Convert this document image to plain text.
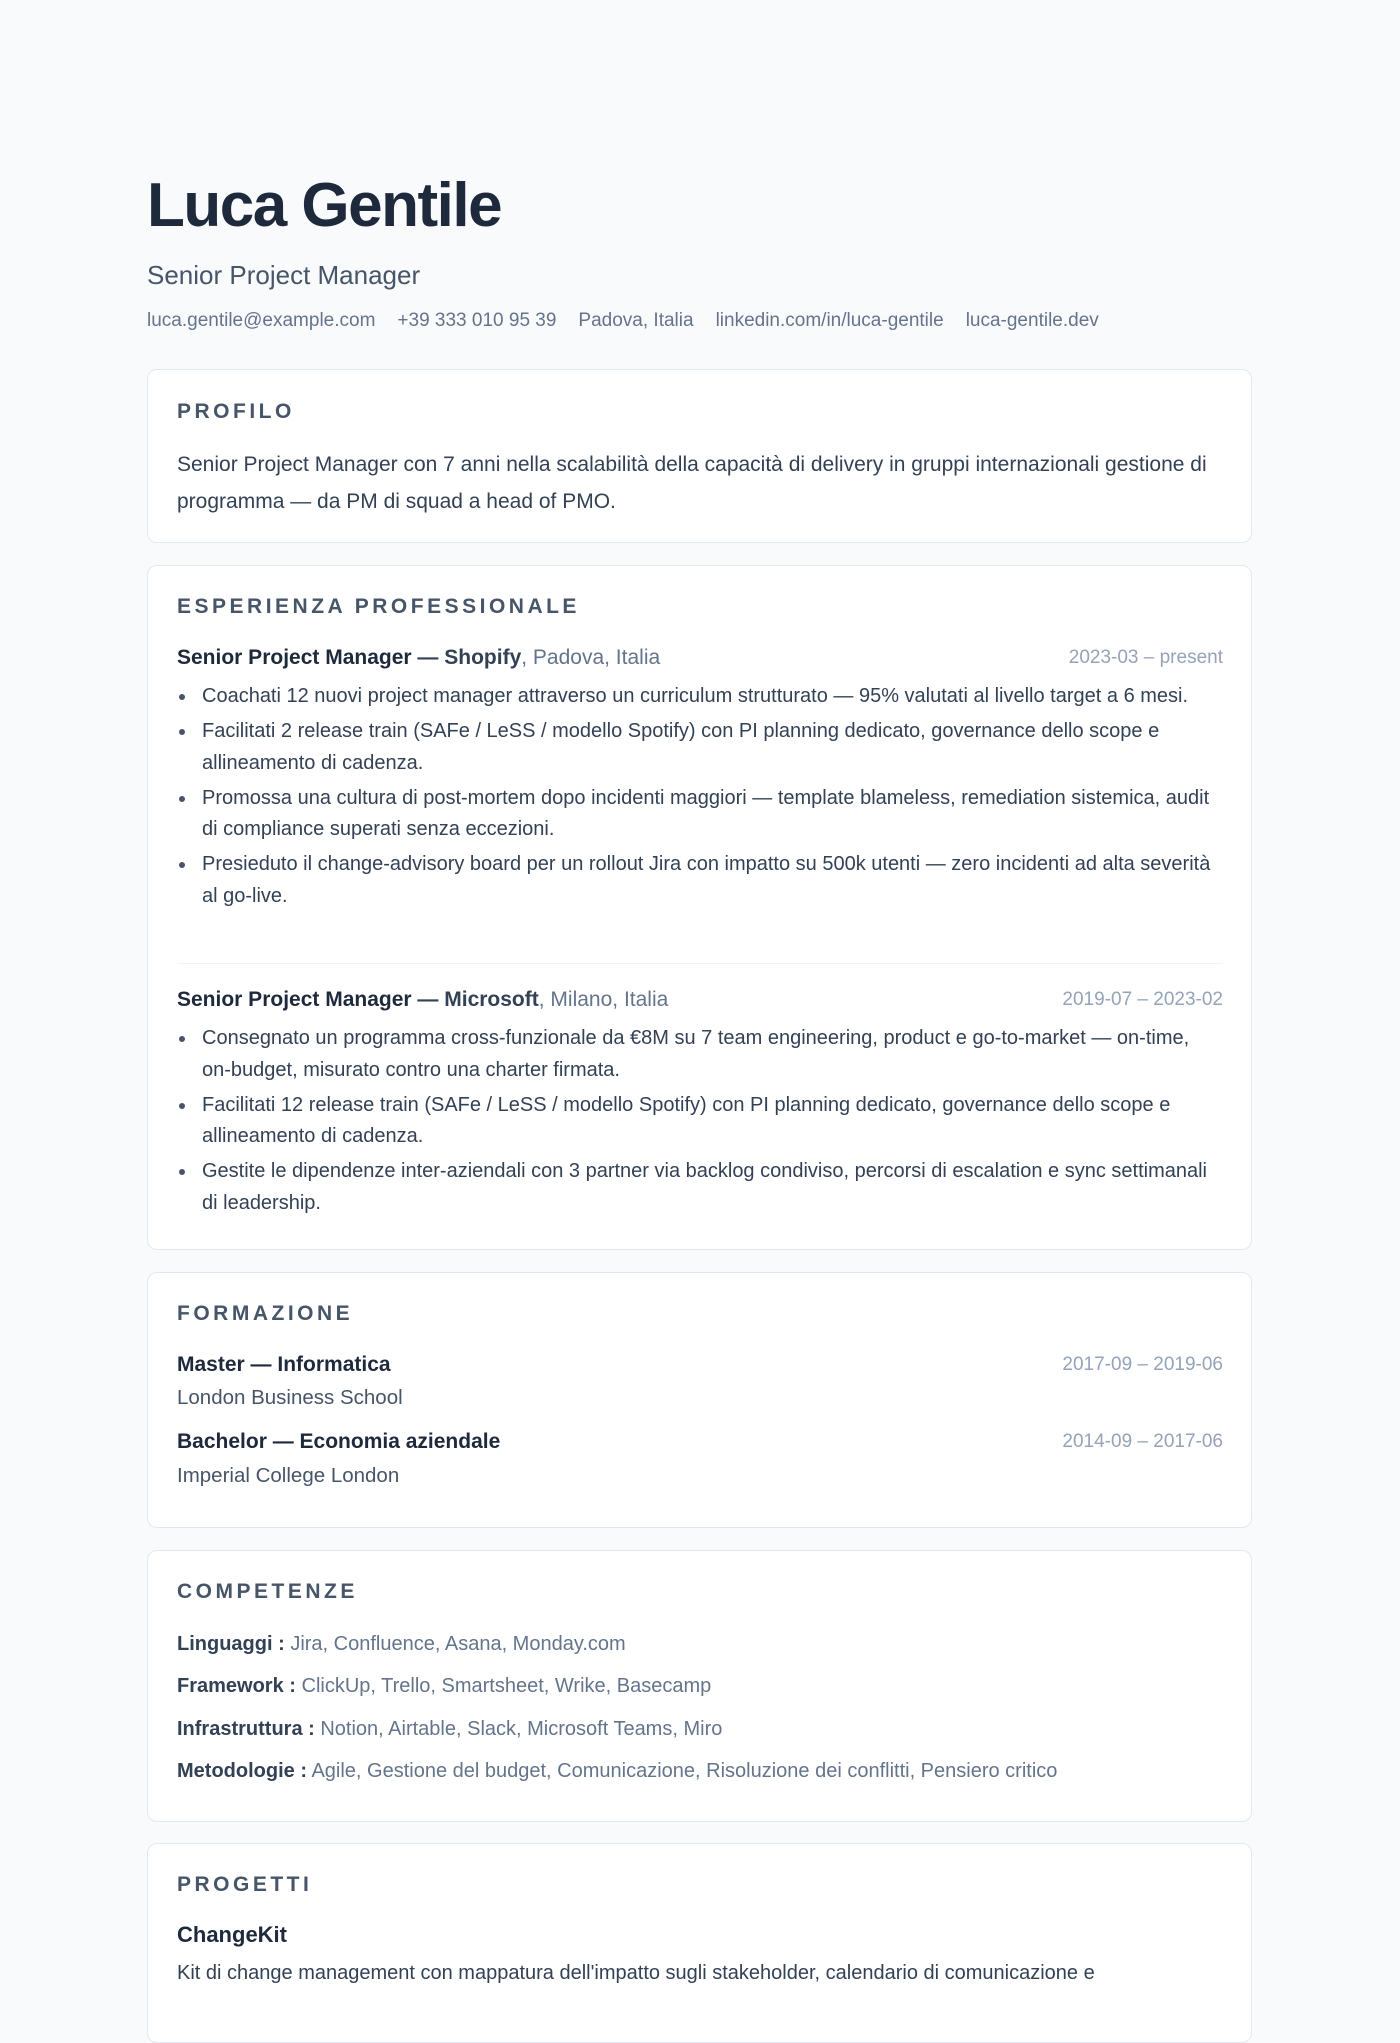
Luca Gentile
Senior Project Manager
luca.gentile@example.com +39 333 010 95 39 Padova, Italia linkedin.com/in/luca-gentile luca-gentile.dev
PROFILO
Senior Project Manager con 7 anni nella scalabilità della capacità di delivery in gruppi internazionali gestione di programma — da PM di squad a head of PMO.
ESPERIENZA PROFESSIONALE
Senior Project Manager — Shopify, Padova, Italia	2023-03 – present
Coachati 12 nuovi project manager attraverso un curriculum strutturato — 95% valutati al livello target a 6 mesi.
Facilitati 2 release train (SAFe / LeSS / modello Spotify) con PI planning dedicato, governance dello scope e allineamento di cadenza.
Promossa una cultura di post-mortem dopo incidenti maggiori — template blameless, remediation sistemica, audit di compliance superati senza eccezioni.
Presieduto il change-advisory board per un rollout Jira con impatto su 500k utenti — zero incidenti ad alta severità al go-live.
Senior Project Manager — Microsoft, Milano, Italia	2019-07 – 2023-02
Consegnato un programma cross-funzionale da €8M su 7 team engineering, product e go-to-market — on-time, on-budget, misurato contro una charter firmata.
Facilitati 12 release train (SAFe / LeSS / modello Spotify) con PI planning dedicato, governance dello scope e allineamento di cadenza.
Gestite le dipendenze inter-aziendali con 3 partner via backlog condiviso, percorsi di escalation e sync settimanali di leadership.
FORMAZIONE
Master — Informatica	2017-09 – 2019-06
London Business School
Bachelor — Economia aziendale	2014-09 – 2017-06
Imperial College London
COMPETENZE
Linguaggi : Jira, Confluence, Asana, Monday.com
Framework : ClickUp, Trello, Smartsheet, Wrike, Basecamp
Infrastruttura : Notion, Airtable, Slack, Microsoft Teams, Miro
Metodologie : Agile, Gestione del budget, Comunicazione, Risoluzione dei conflitti, Pensiero critico
PROGETTI
ChangeKit
Kit di change management con mappatura dell'impatto sugli stakeholder, calendario di comunicazione e
